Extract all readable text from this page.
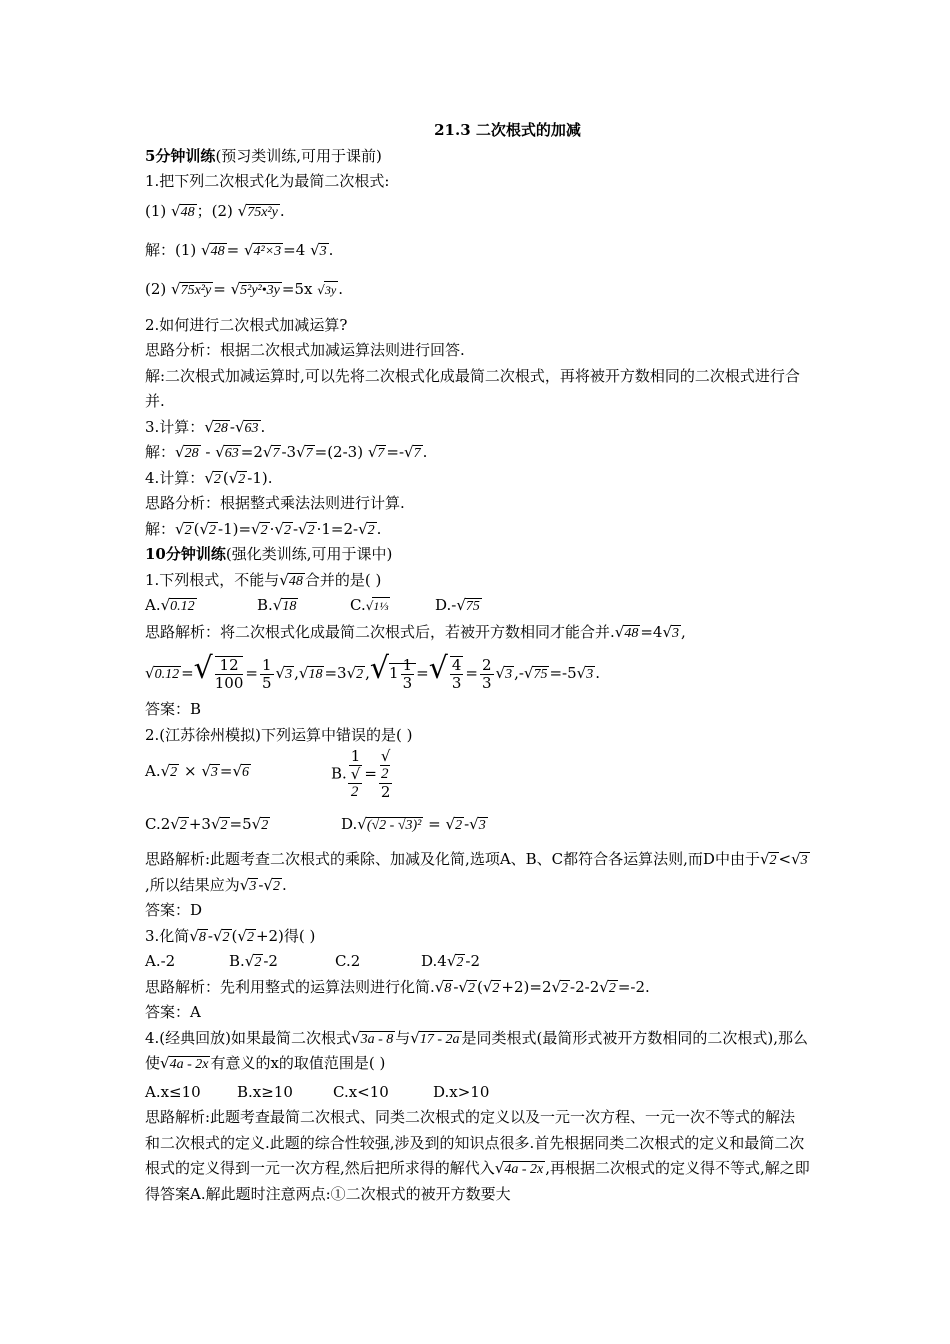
21.3 二次根式的加减

5分钟训练(预习类训练,可用于课前)

1.把下列二次根式化为最简二次根式:

(1) √48 ；(2) √75x²y .

解：(1) √48 = √4²×3 =4 √3 .

(2) √75x²y = √5²y²•3y =5x √3y .

2.如何进行二次根式加减运算?

思路分析：根据二次根式加减运算法则进行回答.

解:二次根式加减运算时,可以先将二次根式化成最简二次根式，再将被开方数相同的二次根式进行合并.

3.计算：√28 -√63 .

解：√28 - √63 =2√7 -3√7 =(2-3) √7 =-√7 .

4.计算：√2 (√2 -1).

思路分析：根据整式乘法法则进行计算.

解：√2 (√2 -1)=√2 ·√2 -√2 ·1=2-√2 .

10分钟训练(强化类训练,可用于课中)

1.下列根式，不能与√48 合并的是( )

A.√0.12	B.√18	C.√1⅓	D.-√75

思路解析：将二次根式化成最简二次根式后，若被开方数相同才能合并.√48 =4√3 ,

√0.12 =√ $\frac{12}{100} = \frac{1}{5} √3$ ,√18 =3√2 $,√1 \frac{1}{3}$ =√ $\frac{4}{3} = \frac{2}{3} √3$ ,-√75 =-5√3 .

答案：B

2.(江苏徐州模拟)下列运算中错误的是( )

A.√2 × √3 =√6	B. 1
√
2 = √
2
2
C.2√2 +3√2 =5√2	D.√(√2 - √3)² = √2 -√3

思路解析:此题考查二次根式的乘除、加减及化简,选项A、B、C都符合各运算法则,而D中由于√2 <√3,所以结果应为√3 -√2 .

答案：D

3.化简√8 -√2 (√2 +2)得( )

A.-2	B.√2 -2	C.2	D.4√2 -2

思路解析：先利用整式的运算法则进行化简.√8 -√2 (√2 +2)=2√2 -2-2√2 =-2.

答案：A

4.(经典回放)如果最简二次根式√3a - 8 与√17 - 2a 是同类根式(最简形式被开方数相同的二次根式),那么使√4a - 2x 有意义的x的取值范围是( )

A.x≤10 B.x≥10	C.x<10	D.x>10

思路解析:此题考查最简二次根式、同类二次根式的定义以及一元一次方程、一元一次不等式的解法和二次根式的定义.此题的综合性较强,涉及到的知识点很多.首先根据同类二次根式的定义和最简二次根式的定义得到一元一次方程,然后把所求得的解代入√4a - 2x ,再根据二次根式的定义得不等式,解之即得答案A.解此题时注意两点:①二次根式的被开方数要大
